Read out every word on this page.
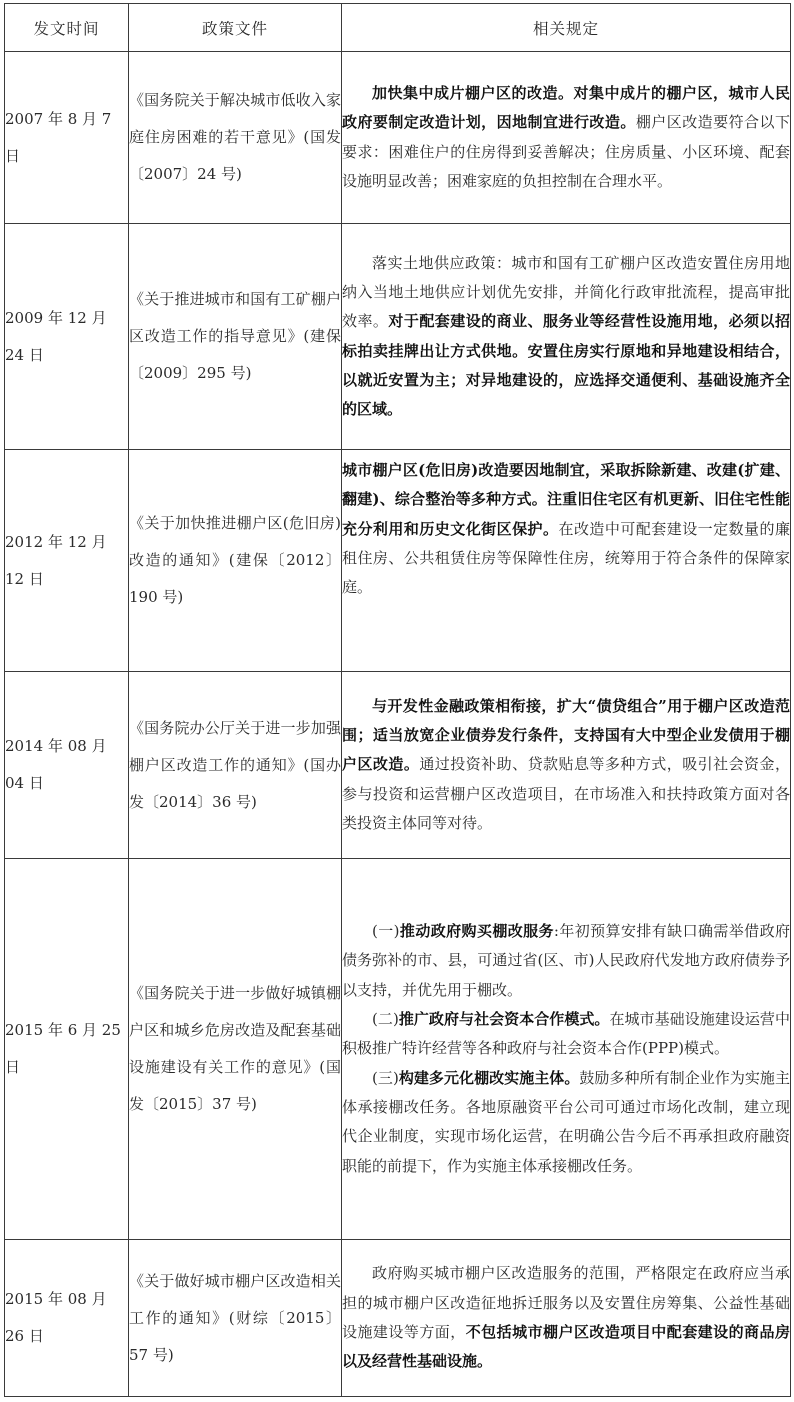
发文时间	政策文件	相关规定
2007 年 8 月 7 日	《国务院关于解决城市低收入家庭住房困难的若干意见》(国发〔2007〕24 号)	加快集中成片棚户区的改造。对集中成片的棚户区，城市人民政府要制定改造计划，因地制宜进行改造。棚户区改造要符合以下要求：困难住户的住房得到妥善解决；住房质量、小区环境、配套设施明显改善；困难家庭的负担控制在合理水平。

2009 年 12 月 24 日	《关于推进城市和国有工矿棚户区改造工作的指导意见》(建保〔2009〕295 号)	落实土地供应政策：城市和国有工矿棚户区改造安置住房用地纳入当地土地供应计划优先安排，并简化行政审批流程，提高审批效率。对于配套建设的商业、服务业等经营性设施用地，必须以招标拍卖挂牌出让方式供地。安置住房实行原地和异地建设相结合，以就近安置为主；对异地建设的，应选择交通便利、基础设施齐全的区域。

2012 年 12 月 12 日	《关于加快推进棚户区(危旧房)改造的通知》(建保〔2012〕190 号)	城市棚户区(危旧房)改造要因地制宜，采取拆除新建、改建(扩建、翻建)、综合整治等多种方式。注重旧住宅区有机更新、旧住宅性能充分利用和历史文化街区保护。在改造中可配套建设一定数量的廉租住房、公共租赁住房等保障性住房，统筹用于符合条件的保障家庭。

2014 年 08 月 04 日	《国务院办公厅关于进一步加强棚户区改造工作的通知》(国办发〔2014〕36 号)	与开发性金融政策相衔接，扩大“债贷组合”用于棚户区改造范围；适当放宽企业债券发行条件，支持国有大中型企业发债用于棚户区改造。通过投资补助、贷款贴息等多种方式，吸引社会资金，参与投资和运营棚户区改造项目，在市场准入和扶持政策方面对各类投资主体同等对待。

2015 年 6 月 25 日	《国务院关于进一步做好城镇棚户区和城乡危房改造及配套基础设施建设有关工作的意见》(国发〔2015〕37 号)	(一)推动政府购买棚改服务:年初预算安排有缺口确需举借政府债务弥补的市、县，可通过省(区、市)人民政府代发地方政府债券予以支持，并优先用于棚改。

(二)推广政府与社会资本合作模式。在城市基础设施建设运营中积极推广特许经营等各种政府与社会资本合作(PPP)模式。

(三)构建多元化棚改实施主体。鼓励多种所有制企业作为实施主体承接棚改任务。各地原融资平台公司可通过市场化改制，建立现代企业制度，实现市场化运营，在明确公告今后不再承担政府融资职能的前提下，作为实施主体承接棚改任务。

2015 年 08 月 26 日	《关于做好城市棚户区改造相关工作的通知》(财综〔2015〕57 号)	政府购买城市棚户区改造服务的范围，严格限定在政府应当承担的城市棚户区改造征地拆迁服务以及安置住房筹集、公益性基础设施建设等方面，不包括城市棚户区改造项目中配套建设的商品房以及经营性基础设施。
